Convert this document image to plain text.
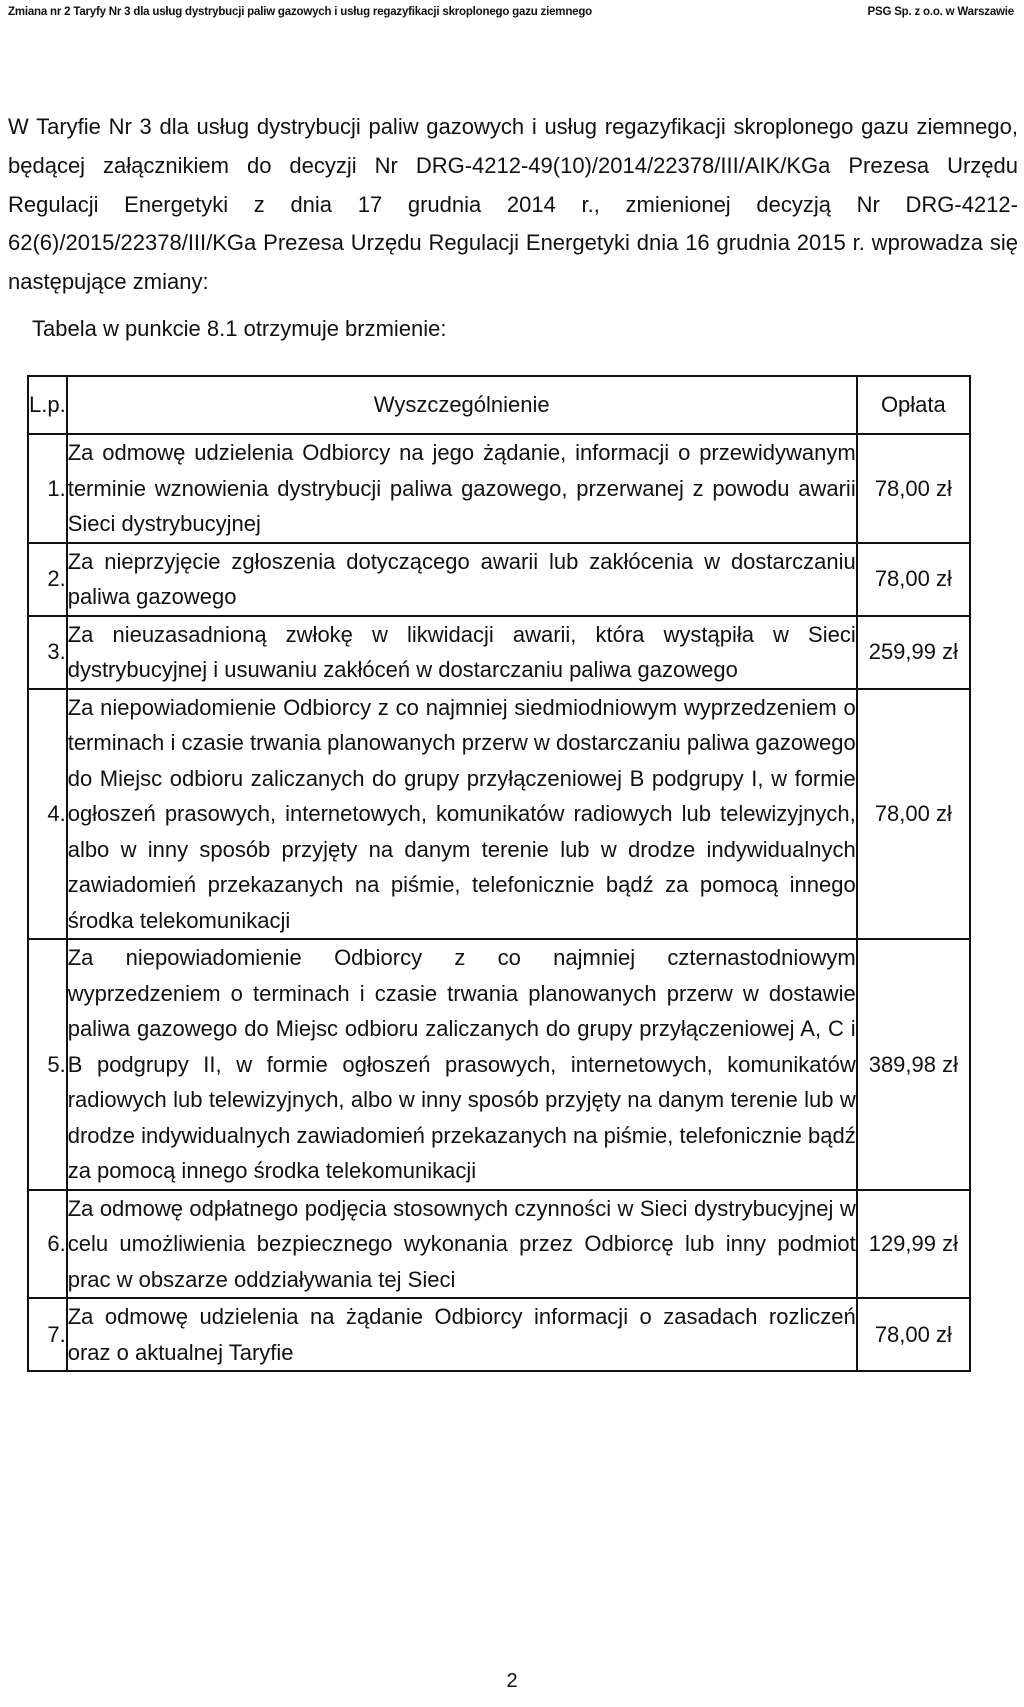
Zmiana nr 2 Taryfy Nr 3 dla usług dystrybucji paliw gazowych i usług regazyfikacji skroplonego gazu ziemnego	PSG Sp. z o.o. w Warszawie

W Taryfie Nr 3 dla usług dystrybucji paliw gazowych i usług regazyfikacji skroplonego gazu ziemnego, będącej załącznikiem do decyzji Nr DRG-4212-49(10)/2014/22378/III/AIK/KGa Prezesa Urzędu Regulacji Energetyki z dnia 17 grudnia 2014 r., zmienionej decyzją Nr DRG-4212-62(6)/2015/22378/III/KGa Prezesa Urzędu Regulacji Energetyki dnia 16 grudnia 2015 r. wprowadza się następujące zmiany:

Tabela w punkcie 8.1 otrzymuje brzmienie:
L.p.	Wyszczególnienie	Opłata
1.	Za odmowę udzielenia Odbiorcy na jego żądanie, informacji o przewidywanym terminie wznowienia dystrybucji paliwa gazowego, przerwanej z powodu awarii Sieci dystrybucyjnej	78,00 zł
2.	Za nieprzyjęcie zgłoszenia dotyczącego awarii lub zakłócenia w dostarczaniu paliwa gazowego	78,00 zł
3.	Za nieuzasadnioną zwłokę w likwidacji awarii, która wystąpiła w Sieci dystrybucyjnej i usuwaniu zakłóceń w dostarczaniu paliwa gazowego	259,99 zł
4.	Za niepowiadomienie Odbiorcy z co najmniej siedmiodniowym wyprzedzeniem o terminach i czasie trwania planowanych przerw w dostarczaniu paliwa gazowego do Miejsc odbioru zaliczanych do grupy przyłączeniowej B podgrupy I, w formie ogłoszeń prasowych, internetowych, komunikatów radiowych lub telewizyjnych, albo w inny sposób przyjęty na danym terenie lub w drodze indywidualnych zawiadomień przekazanych na piśmie, telefonicznie bądź za pomocą innego środka telekomunikacji	78,00 zł
5.	Za niepowiadomienie Odbiorcy z co najmniej czternastodniowym wyprzedzeniem o terminach i czasie trwania planowanych przerw w dostawie paliwa gazowego do Miejsc odbioru zaliczanych do grupy przyłączeniowej A, C i B podgrupy II, w formie ogłoszeń prasowych, internetowych, komunikatów radiowych lub telewizyjnych, albo w inny sposób przyjęty na danym terenie lub w drodze indywidualnych zawiadomień przekazanych na piśmie, telefonicznie bądź za pomocą innego środka telekomunikacji	389,98 zł
6.	Za odmowę odpłatnego podjęcia stosownych czynności w Sieci dystrybucyjnej w celu umożliwienia bezpiecznego wykonania przez Odbiorcę lub inny podmiot prac w obszarze oddziaływania tej Sieci	129,99 zł
7.	Za odmowę udzielenia na żądanie Odbiorcy informacji o zasadach rozliczeń oraz o aktualnej Taryfie	78,00 zł
2
